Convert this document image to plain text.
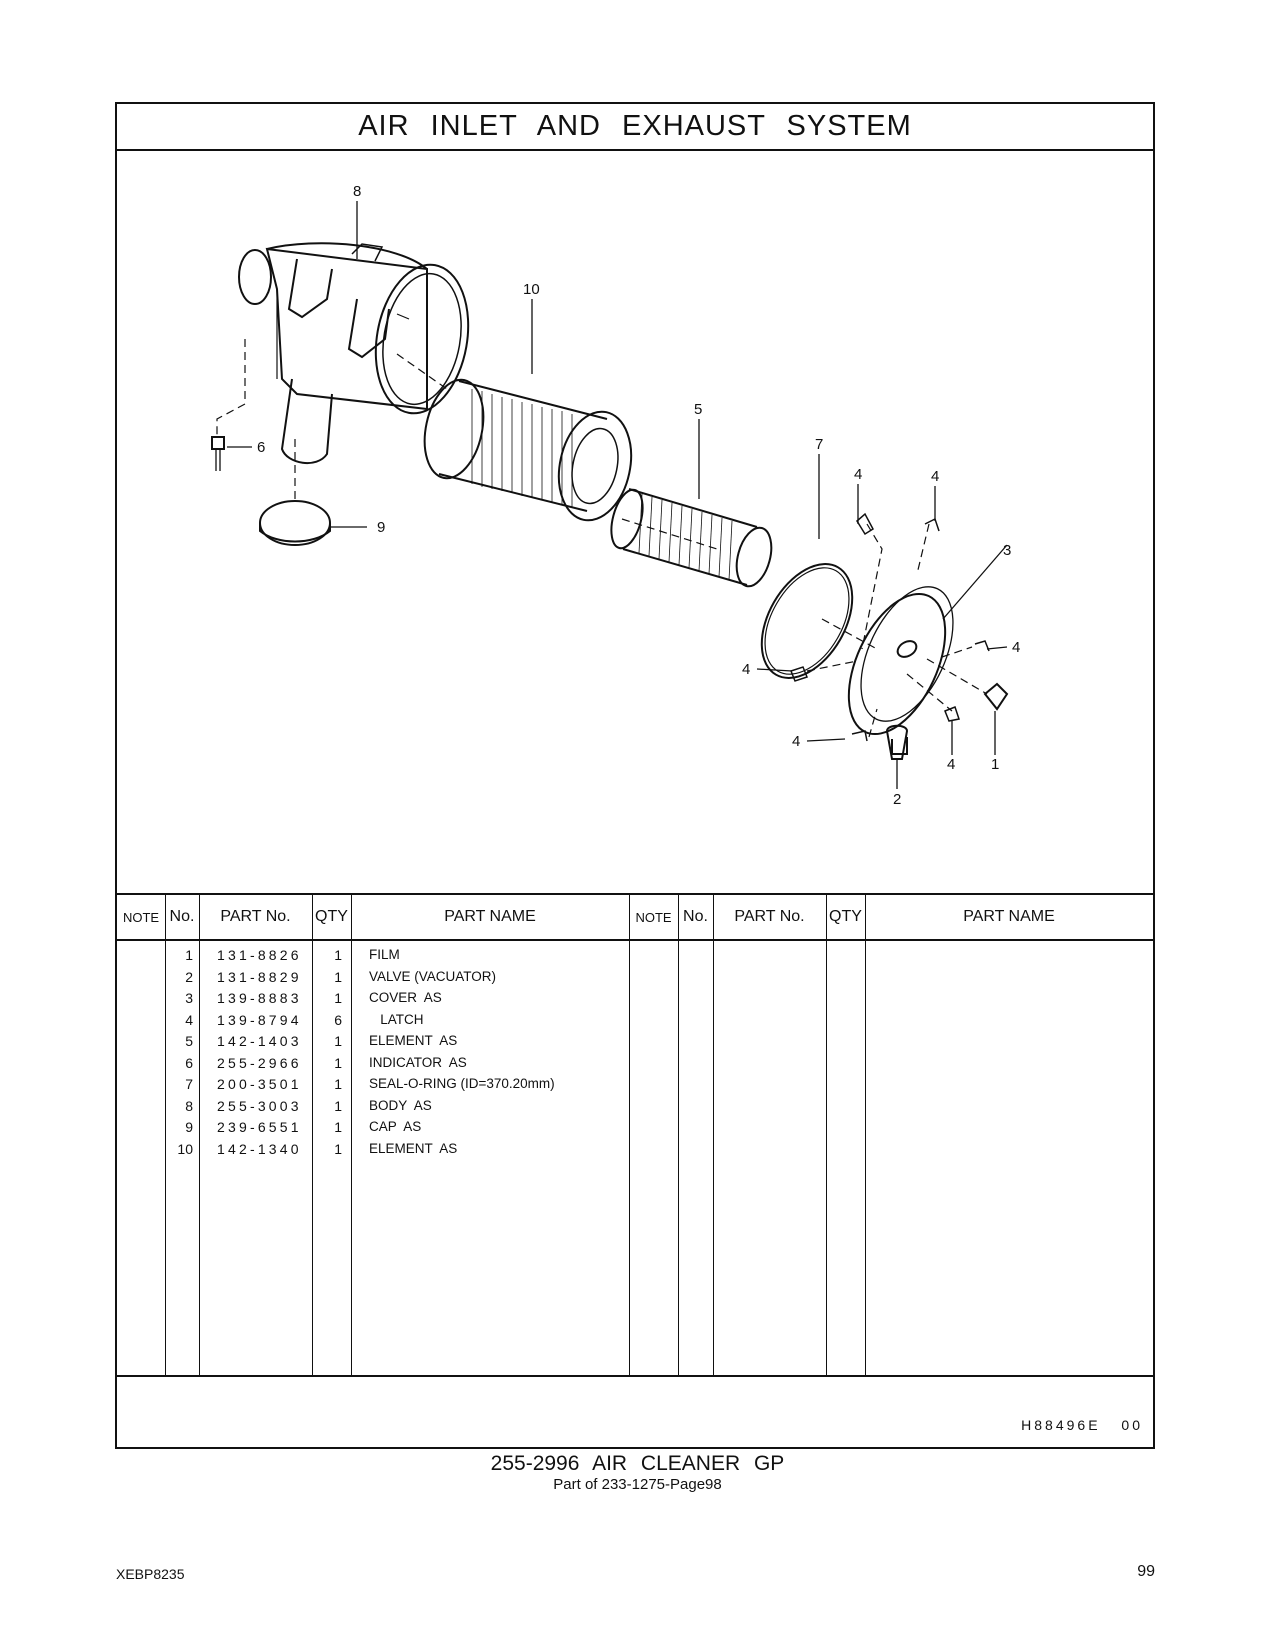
AIR INLET AND EXHAUST SYSTEM
8
10
6
9
5
7
4	4
3
4
4
4
4 1
2
NOTE No.	PART No.	QTY	PART NAME	NOTE No.	PART No.	QTY	PART NAME
1 131-8826	1 FILM
2 131-8829	1 VALVE (VACUATOR)
3 139-8883	1 COVER  AS
4 139-8794	6 LATCH
5 142-1403	1 ELEMENT  AS
6 255-2966	1 INDICATOR  AS
7 200-3501	1 SEAL-O-RING (ID=370.20mm)
8 255-3003	1 BODY  AS
9 239-6551	1 CAP  AS
10 142-1340	1 ELEMENT  AS
H88496E 00
255-2996 AIR CLEANER GP
Part of 233-1275-Page98
XEBP8235	99
